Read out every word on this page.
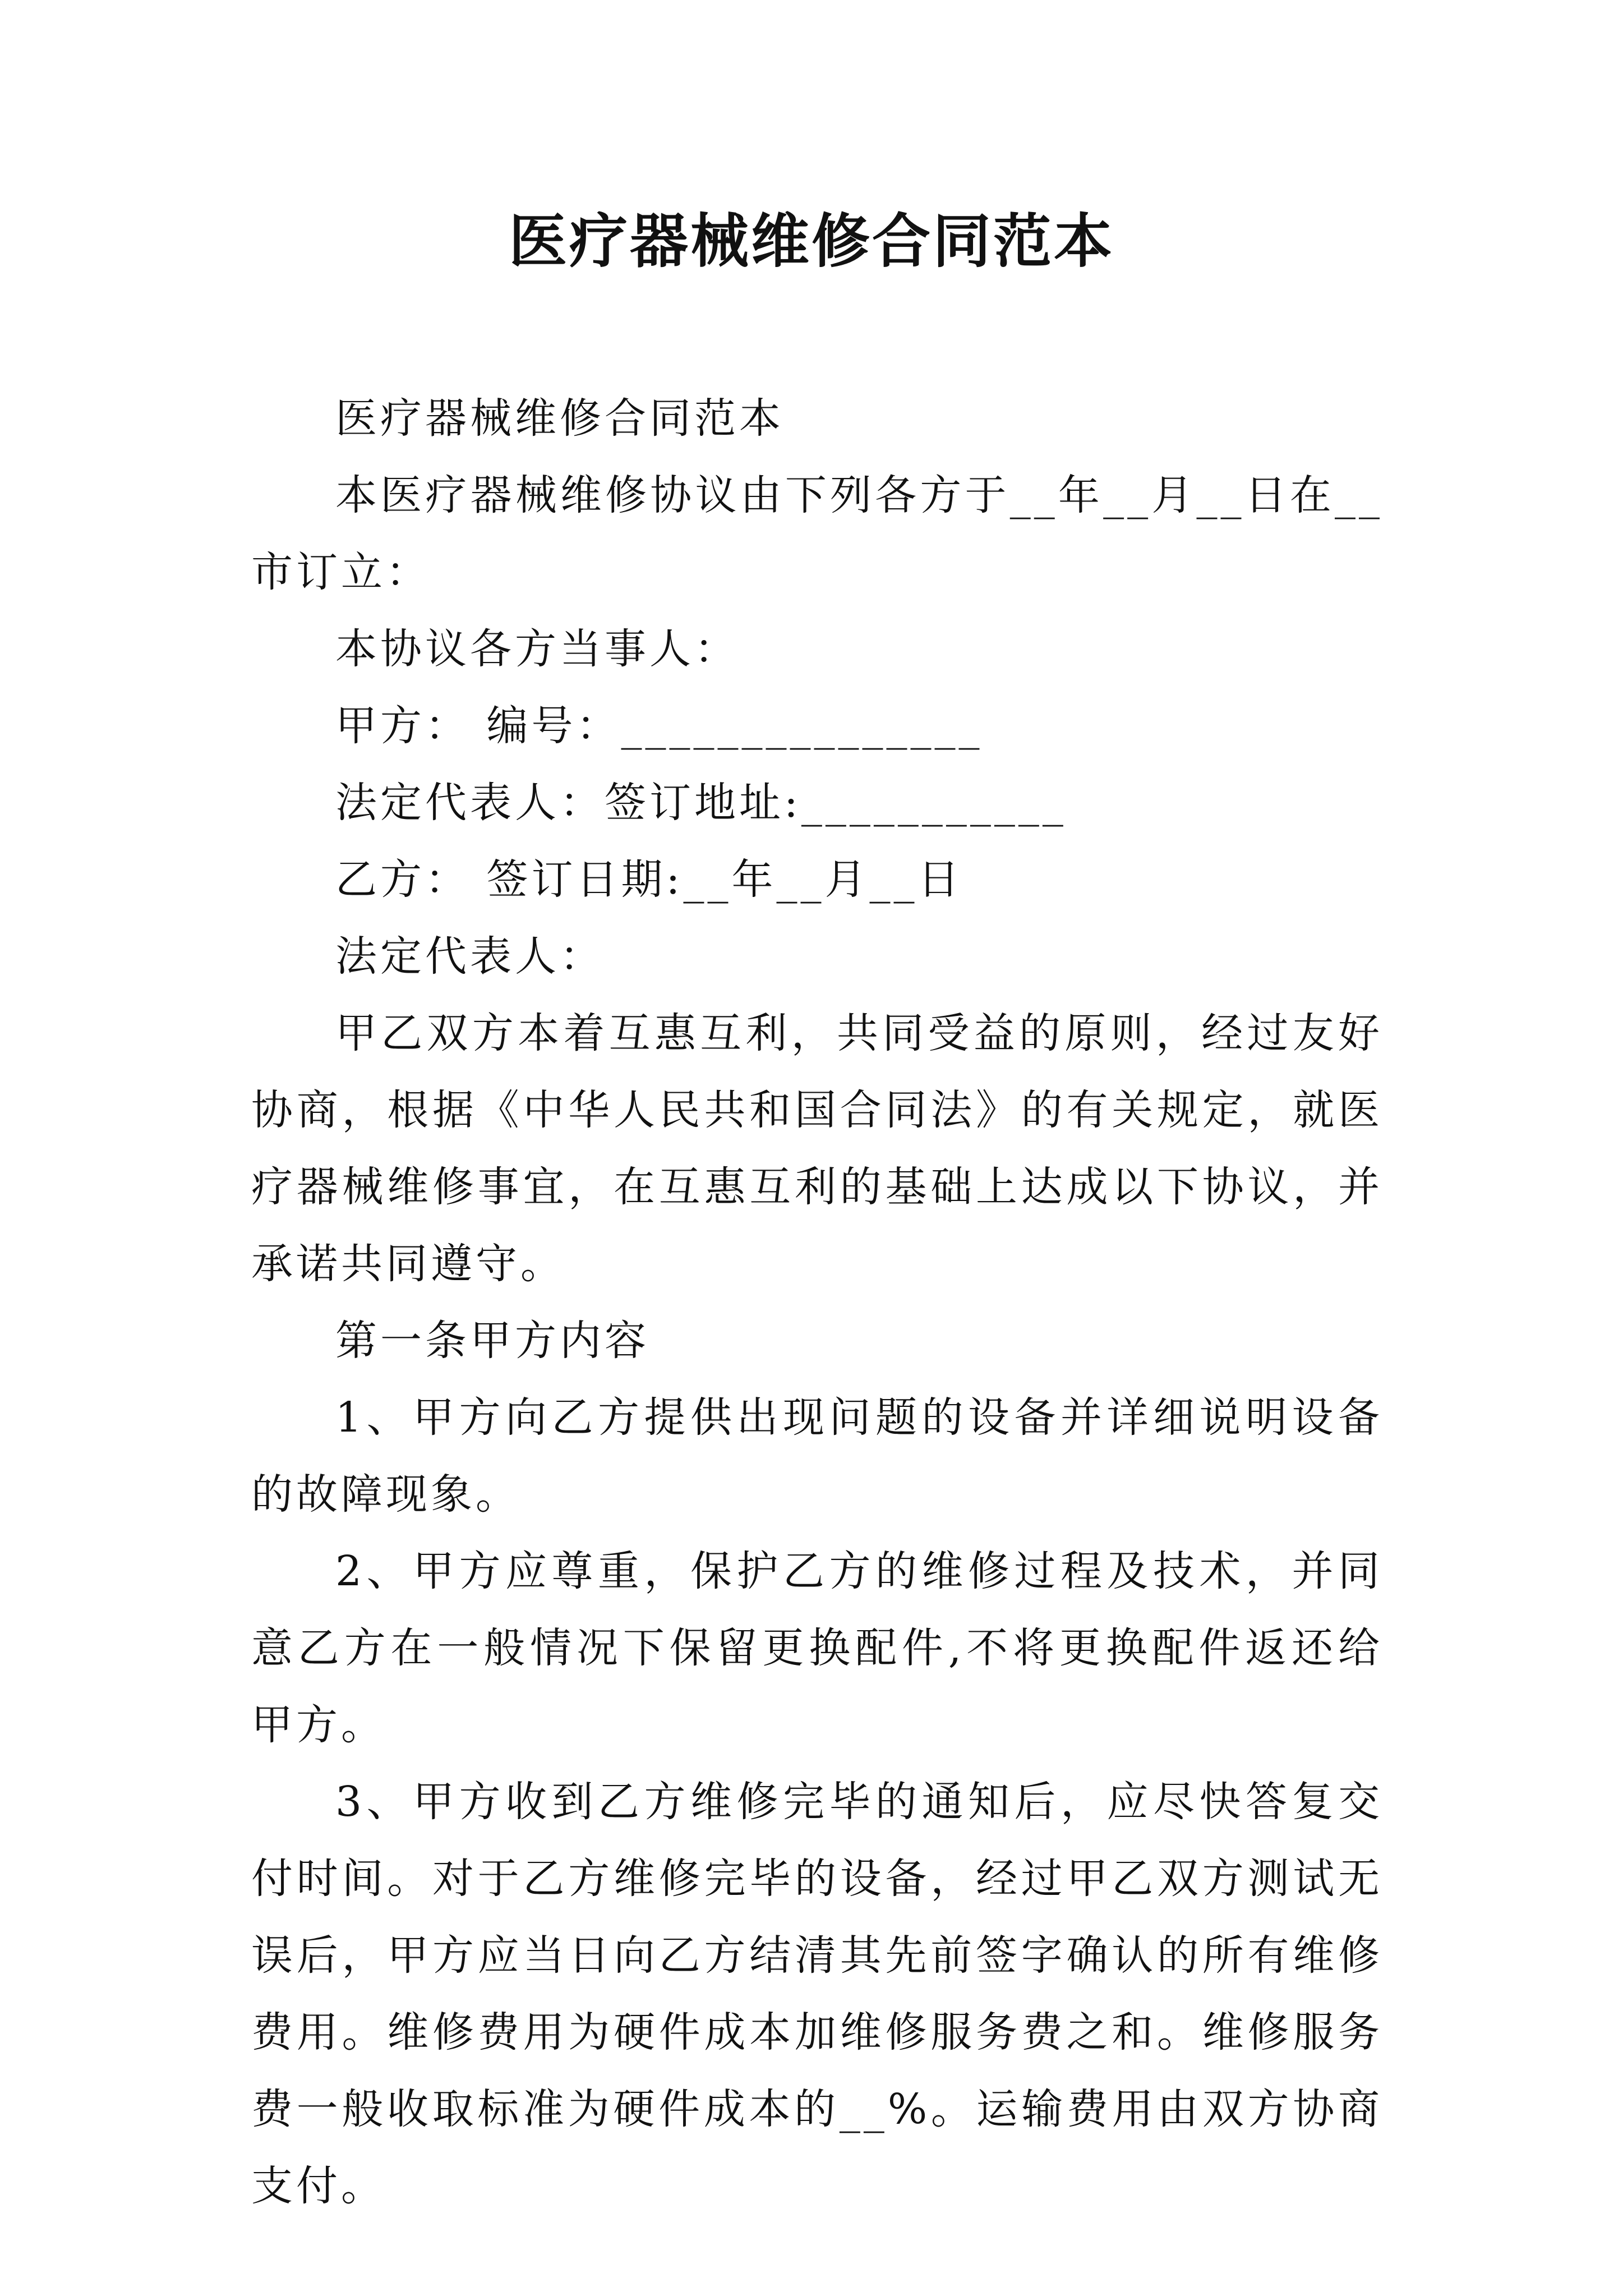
医疗器械维修合同范本

医疗器械维修合同范本

本医疗器械维修协议由下列各方于__年__月__日在__市订立：

本协议各方当事人：

甲方： 编号：_______________

法定代表人：签订地址:___________

乙方： 签订日期:__年__月__日

法定代表人：

甲乙双方本着互惠互利，共同受益的原则，经过友好协商，根据《中华人民共和国合同法》的有关规定，就医疗器械维修事宜，在互惠互利的基础上达成以下协议，并承诺共同遵守。

第一条甲方内容

1、甲方向乙方提供出现问题的设备并详细说明设备的故障现象。

2、甲方应尊重，保护乙方的维修过程及技术，并同意乙方在一般情况下保留更换配件,不将更换配件返还给甲方。

3、甲方收到乙方维修完毕的通知后，应尽快答复交付时间。对于乙方维修完毕的设备，经过甲乙双方测试无误后，甲方应当日向乙方结清其先前签字确认的所有维修费用。维修费用为硬件成本加维修服务费之和。维修服务费一般收取标准为硬件成本的__%。运输费用由双方协商支付。
